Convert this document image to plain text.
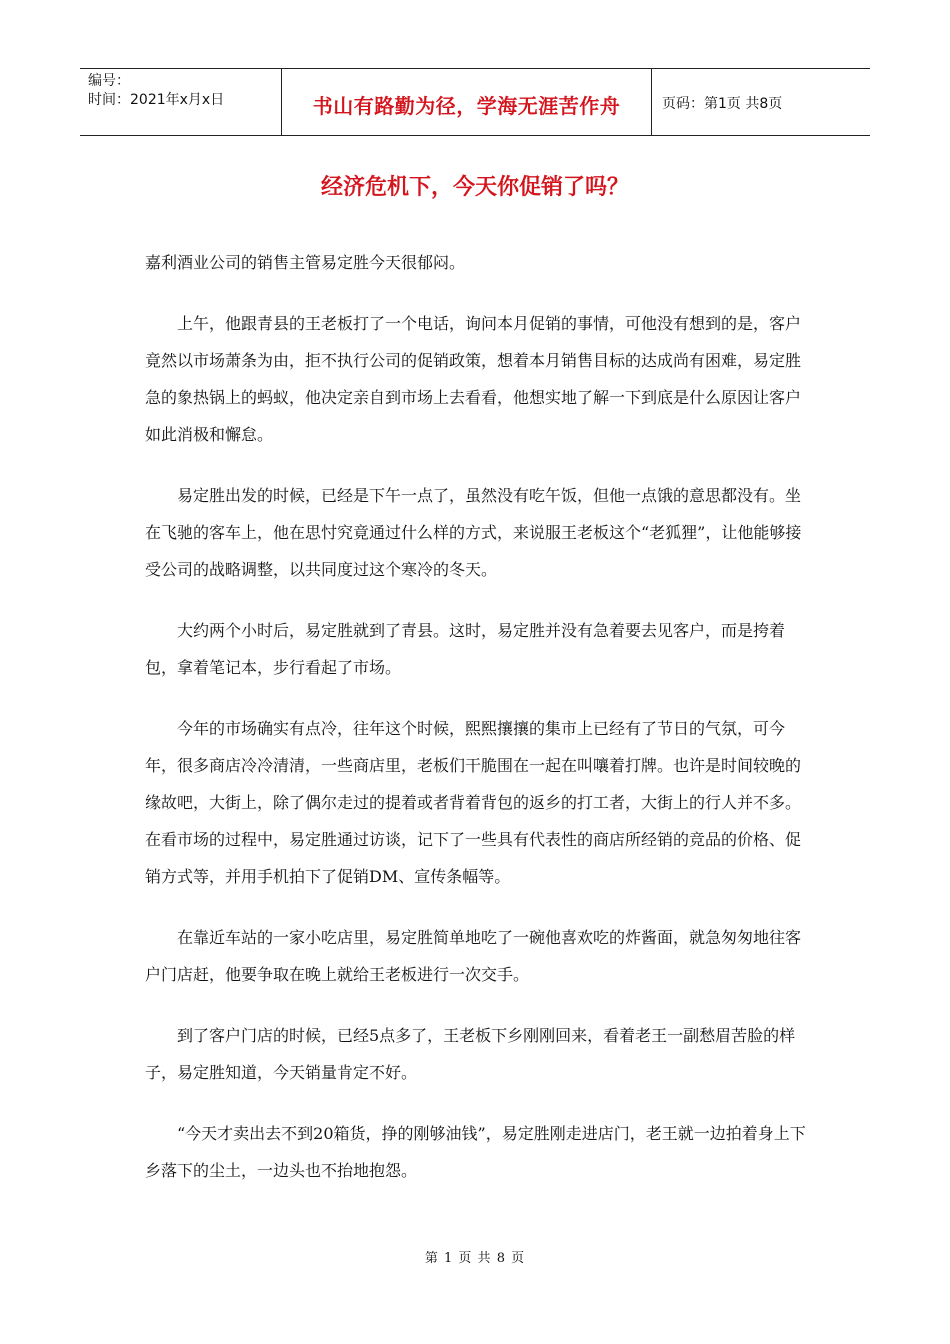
编号：
时间：2021年x月x日	书山有路勤为径，学海无涯苦作舟	页码：第1页 共8页
经济危机下，今天你促销了吗？

嘉利酒业公司的销售主管易定胜今天很郁闷。

上午，他跟青县的王老板打了一个电话，询问本月促销的事情，可他没有想到的是，客户竟然以市场萧条为由，拒不执行公司的促销政策，想着本月销售目标的达成尚有困难，易定胜急的象热锅上的蚂蚁，他决定亲自到市场上去看看，他想实地了解一下到底是什么原因让客户如此消极和懈怠。

易定胜出发的时候，已经是下午一点了，虽然没有吃午饭，但他一点饿的意思都没有。坐在飞驰的客车上，他在思忖究竟通过什么样的方式，来说服王老板这个“老狐狸”，让他能够接受公司的战略调整，以共同度过这个寒冷的冬天。

大约两个小时后，易定胜就到了青县。这时，易定胜并没有急着要去见客户，而是挎着包，拿着笔记本，步行看起了市场。

今年的市场确实有点冷，往年这个时候，熙熙攘攘的集市上已经有了节日的气氛，可今年，很多商店冷冷清清，一些商店里，老板们干脆围在一起在叫嚷着打牌。也许是时间较晚的缘故吧，大街上，除了偶尔走过的提着或者背着背包的返乡的打工者，大街上的行人并不多。在看市场的过程中，易定胜通过访谈，记下了一些具有代表性的商店所经销的竞品的价格、促销方式等，并用手机拍下了促销DM、宣传条幅等。

在靠近车站的一家小吃店里，易定胜简单地吃了一碗他喜欢吃的炸酱面，就急匆匆地往客户门店赶，他要争取在晚上就给王老板进行一次交手。

到了客户门店的时候，已经5点多了，王老板下乡刚刚回来，看着老王一副愁眉苦脸的样子，易定胜知道，今天销量肯定不好。

“今天才卖出去不到20箱货，挣的刚够油钱”，易定胜刚走进店门，老王就一边拍着身上下乡落下的尘土，一边头也不抬地抱怨。

第 1 页 共 8 页
